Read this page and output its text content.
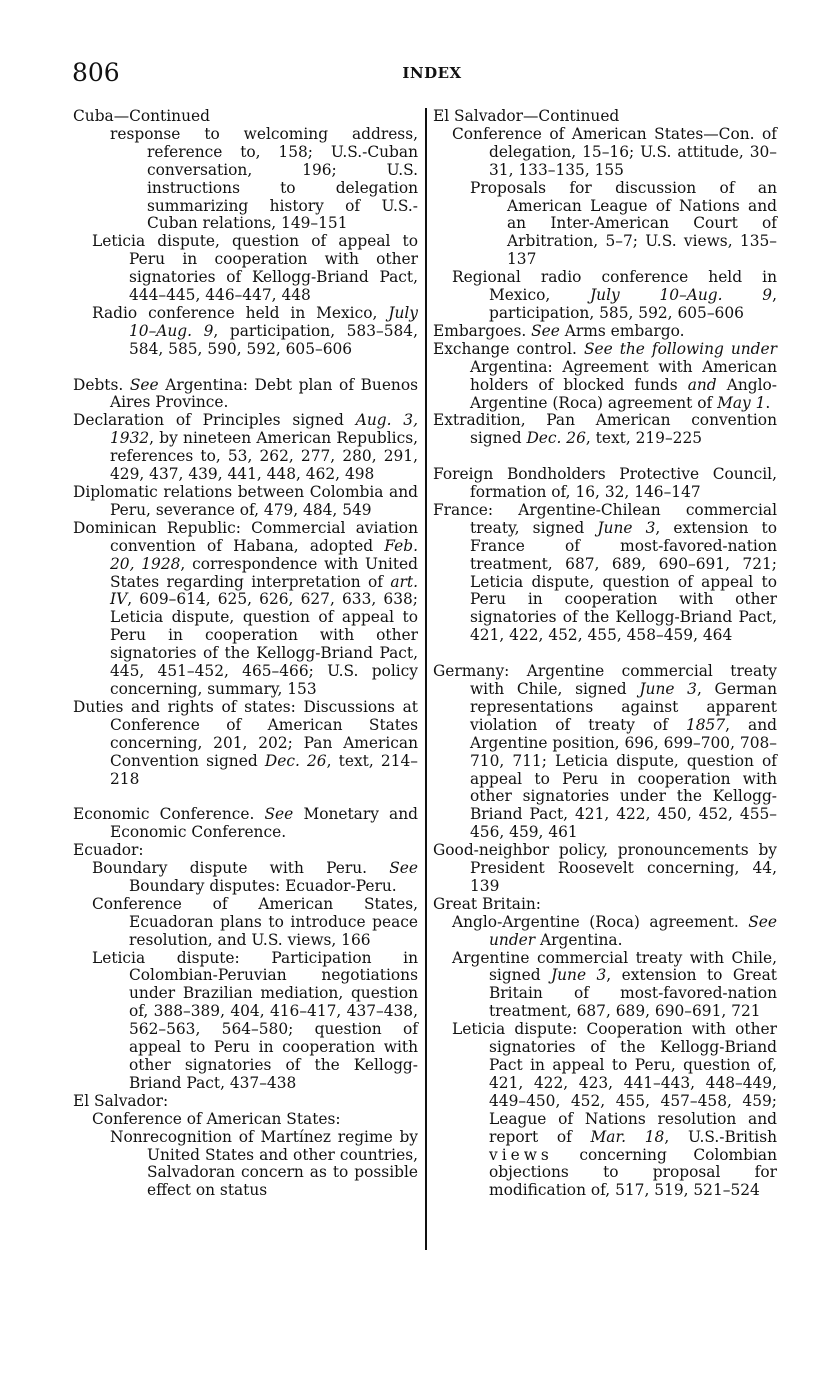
806	INDEX
Cuba—Continued
response to welcoming address, reference to, 158; U.S.-Cuban conversation, 196; U.S. instructions to delegation summarizing history of U.S.-Cuban relations, 149–151
Leticia dispute, question of appeal to Peru in cooperation with other signatories of Kellogg-Briand Pact, 444–445, 446–447, 448
Radio conference held in Mexico, July 10–Aug. 9, participation, 583–584, 584, 585, 590, 592, 605–606
Debts. See Argentina: Debt plan of Buenos Aires Province.
Declaration of Principles signed Aug. 3, 1932, by nineteen American Republics, references to, 53, 262, 277, 280, 291, 429, 437, 439, 441, 448, 462, 498
Diplomatic relations between Colombia and Peru, severance of, 479, 484, 549
Dominican Republic: Commercial aviation convention of Habana, adopted Feb. 20, 1928, correspondence with United States regarding interpretation of art. IV, 609–614, 625, 626, 627, 633, 638; Leticia dispute, question of appeal to Peru in cooperation with other signatories of the Kellogg-Briand Pact, 445, 451–452, 465–466; U.S. policy concerning, summary, 153
Duties and rights of states: Discussions at Conference of American States concerning, 201, 202; Pan American Convention signed Dec. 26, text, 214–218
Economic Conference. See Monetary and Economic Conference.
Ecuador:
Boundary dispute with Peru. See Boundary disputes: Ecuador-Peru.
Conference of American States, Ecuadoran plans to introduce peace resolution, and U.S. views, 166
Leticia dispute: Participation in Colombian-Peruvian negotiations under Brazilian mediation, question of, 388–389, 404, 416–417, 437–438, 562–563, 564–580; question of appeal to Peru in cooperation with other signatories of the Kellogg-Briand Pact, 437–438
El Salvador:
Conference of American States:
Nonrecognition of Martínez regime by United States and other countries, Salvadoran concern as to possible effect on status
El Salvador—Continued
Conference of American States—Con. of delegation, 15–16; U.S. attitude, 30–31, 133–135, 155
Proposals for discussion of an American League of Nations and an Inter-American Court of Arbitration, 5–7; U.S. views, 135–137
Regional radio conference held in Mexico, July 10–Aug. 9, participation, 585, 592, 605–606
Embargoes. See Arms embargo.
Exchange control. See the following under Argentina: Agreement with American holders of blocked funds and Anglo-Argentine (Roca) agreement of May 1.
Extradition, Pan American convention signed Dec. 26, text, 219–225
Foreign Bondholders Protective Council, formation of, 16, 32, 146–147
France: Argentine-Chilean commercial treaty, signed June 3, extension to France of most-favored-nation treatment, 687, 689, 690–691, 721; Leticia dispute, question of appeal to Peru in cooperation with other signatories of the Kellogg-Briand Pact, 421, 422, 452, 455, 458–459, 464
Germany: Argentine commercial treaty with Chile, signed June 3, German representations against apparent violation of treaty of 1857, and Argentine position, 696, 699–700, 708–710, 711; Leticia dispute, question of appeal to Peru in cooperation with other signatories under the Kellogg-Briand Pact, 421, 422, 450, 452, 455–456, 459, 461
Good-neighbor policy, pronouncements by President Roosevelt concerning, 44, 139
Great Britain:
Anglo-Argentine (Roca) agreement. See under Argentina.
Argentine commercial treaty with Chile, signed June 3, extension to Great Britain of most-favored-nation treatment, 687, 689, 690–691, 721
Leticia dispute: Cooperation with other signatories of the Kellogg-Briand Pact in appeal to Peru, question of, 421, 422, 423, 441–443, 448–449, 449–450, 452, 455, 457–458, 459; League of Nations resolution and report of Mar. 18, U.S.-British views concerning Colombian objections to proposal for modification of, 517, 519, 521–524
